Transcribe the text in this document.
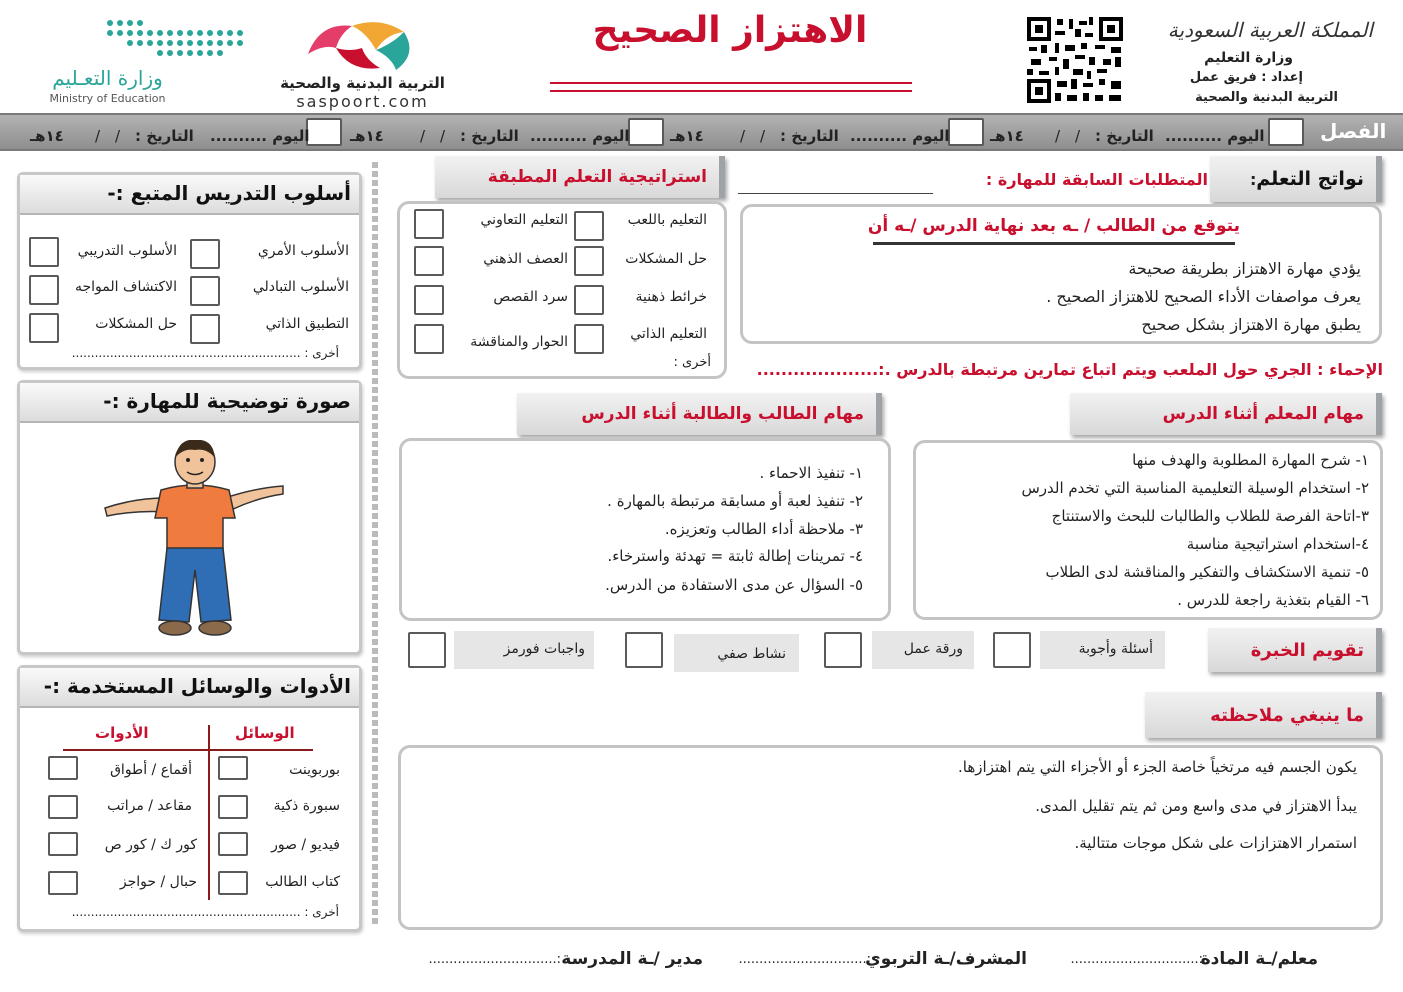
المملكة العربية السعودية
وزارة التعليم
إعداد : فريق عمل
التربية البدنية والصحية
الاهتزاز الصحيح
التربية البدنية والصحية
saspoort.com
وزارة التعـليم
Ministry of Education
الفصل
اليوم ..........
التاريخ :
/
/
١٤هـ
اليوم ..........
التاريخ :
/
/
١٤هـ
اليوم ..........
التاريخ :
/
/
١٤هـ
اليوم ..........
التاريخ :
/
/
١٤هـ
نواتج التعلم
:
المتطلبات السابقة للمهارة :
يتوقع من الطالب / ـه بعد نهاية الدرس /ـه أن
يؤدي مهارة الاهتزاز بطريقة صحيحة
يعرف مواصفات الأداء الصحيح للاهتزاز الصحيح .
يطبق مهارة الاهتزاز بشكل صحيح
استراتيجية التعلم المطبقة
التعليم باللعب
حل المشكلات
خرائط ذهنية
التعليم الذاتي
التعليم التعاوني
العصف الذهني
سرد القصص
الحوار والمناقشة
أخرى :	الإحماء : الجري حول الملعب ويتم اتباع تمارين مرتبطة بالدرس .:....................
مهام المعلم أثناء الدرس
مهام الطالب والطالبة أثناء الدرس
١- شرح المهارة المطلوبة والهدف منها
٢- استخدام الوسيلة التعليمية المناسبة التي تخدم الدرس
٣-اتاحة الفرصة للطلاب والطالبات للبحث والاستنتاج
٤-استخدام استراتيجية مناسبة
٥- تنمية الاستكشاف والتفكير والمناقشة لدى الطلاب
٦- القيام بتغذية راجعة للدرس .
١- تنفيذ الاحماء .
٢- تنفيذ لعبة أو مسابقة مرتبطة بالمهارة .
٣- ملاحظة أداء الطالب وتعزيزه.
٤- تمرينات إطالة ثابتة = تهدئة واسترخاء.
٥- السؤال عن مدى الاستفادة من الدرس.
تقويم الخبرة
أسئلة وأجوبة
ورقة عمل
نشاط صفي
واجبات فورمز
ما ينبغي ملاحظته
يكون الجسم فيه مرتخياً خاصة الجزء أو الأجزاء التي يتم اهتزازها.
يبدأ الاهتزاز في مدى واسع ومن ثم يتم تقليل المدى.
استمرار الاهتزازات على شكل موجات متتالية.
معلم/ـة المادة
:...............................
المشرف/ـة التربوي
:...............................
مدير /ـة المدرسة
:...............................
أسلوب التدريس المتبع :-
الأسلوب الأمري
الأسلوب التبادلي
التطبيق الذاتي
الأسلوب التدريبي
الاكتشاف المواجه
حل المشكلات
أخرى : ............................................................
صورة توضيحية للمهارة :-
الأدوات والوسائل المستخدمة :-
الوسائل
الأدوات
بوربوينت
سبورة ذكية
فيديو / صور
كتاب الطالب
أقماع / أطواق
مقاعد / مراتب
كور ك / كور ص
حبال / حواجز
أخرى : ............................................................
